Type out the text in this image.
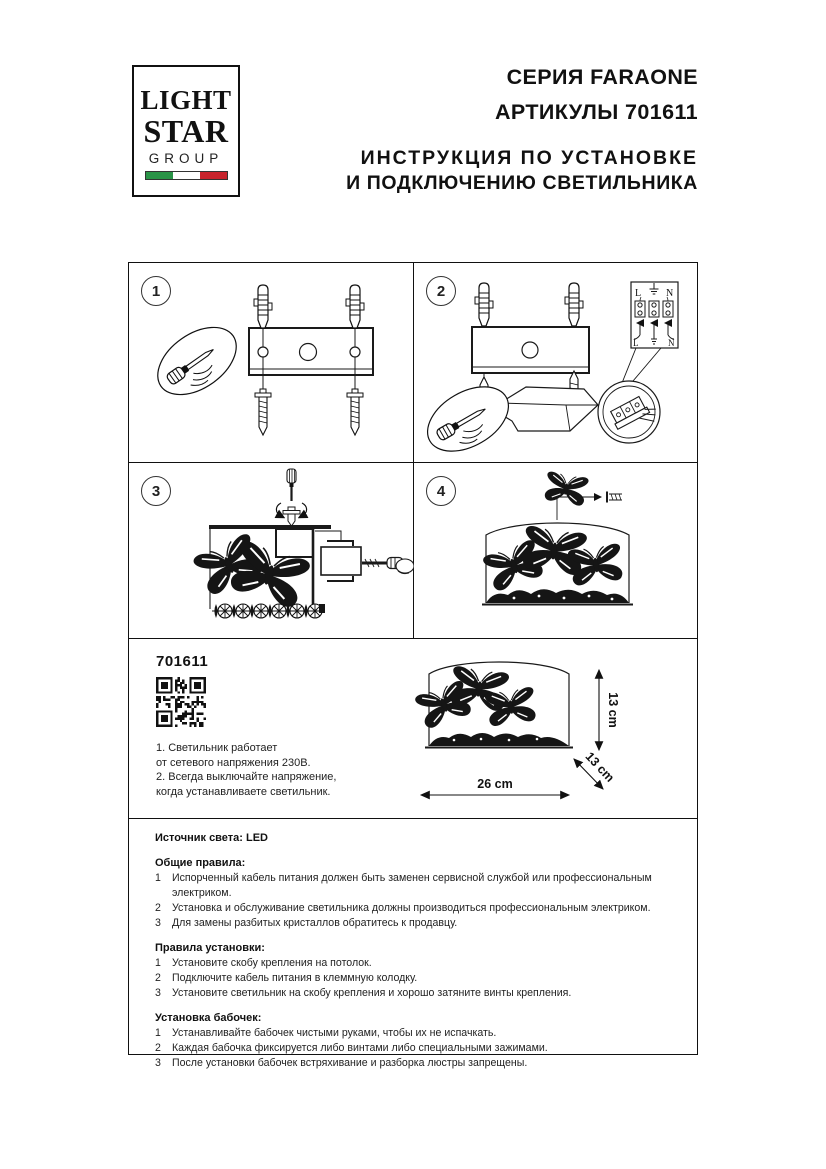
LIGHT
STAR
GROUP
СЕРИЯ FARAONE
АРТИКУЛЫ 701611
ИНСТРУКЦИЯ ПО УСТАНОВКЕ
И ПОДКЛЮЧЕНИЮ СВЕТИЛЬНИКА
1	2	L N
L	N
3	4
701611
1. Светильник работает
от сетевого напряжения 230В.
2. Всегда выключайте напряжение,
когда устанавливаете светильник.
13 cm
13 cm
26 cm
Источник света: LED
Общие правила:
1	Испорченный кабель питания должен быть заменен сервисной службой или профессиональным электриком.
2	Установка и обслуживание светильника должны производиться профессиональным электриком.
3	Для замены разбитых кристаллов обратитесь к продавцу.
Правила установки:
1	Установите скобу крепления на потолок.
2	Подключите кабель питания в клеммную колодку.
3	Установите светильник на скобу крепления и хорошо затяните винты крепления.
Установка бабочек:
1	Устанавливайте бабочек чистыми руками, чтобы их не испачкать.
2	Каждая бабочка фиксируется либо винтами либо специальными зажимами.
3	После установки бабочек встряхивание и разборка люстры запрещены.
